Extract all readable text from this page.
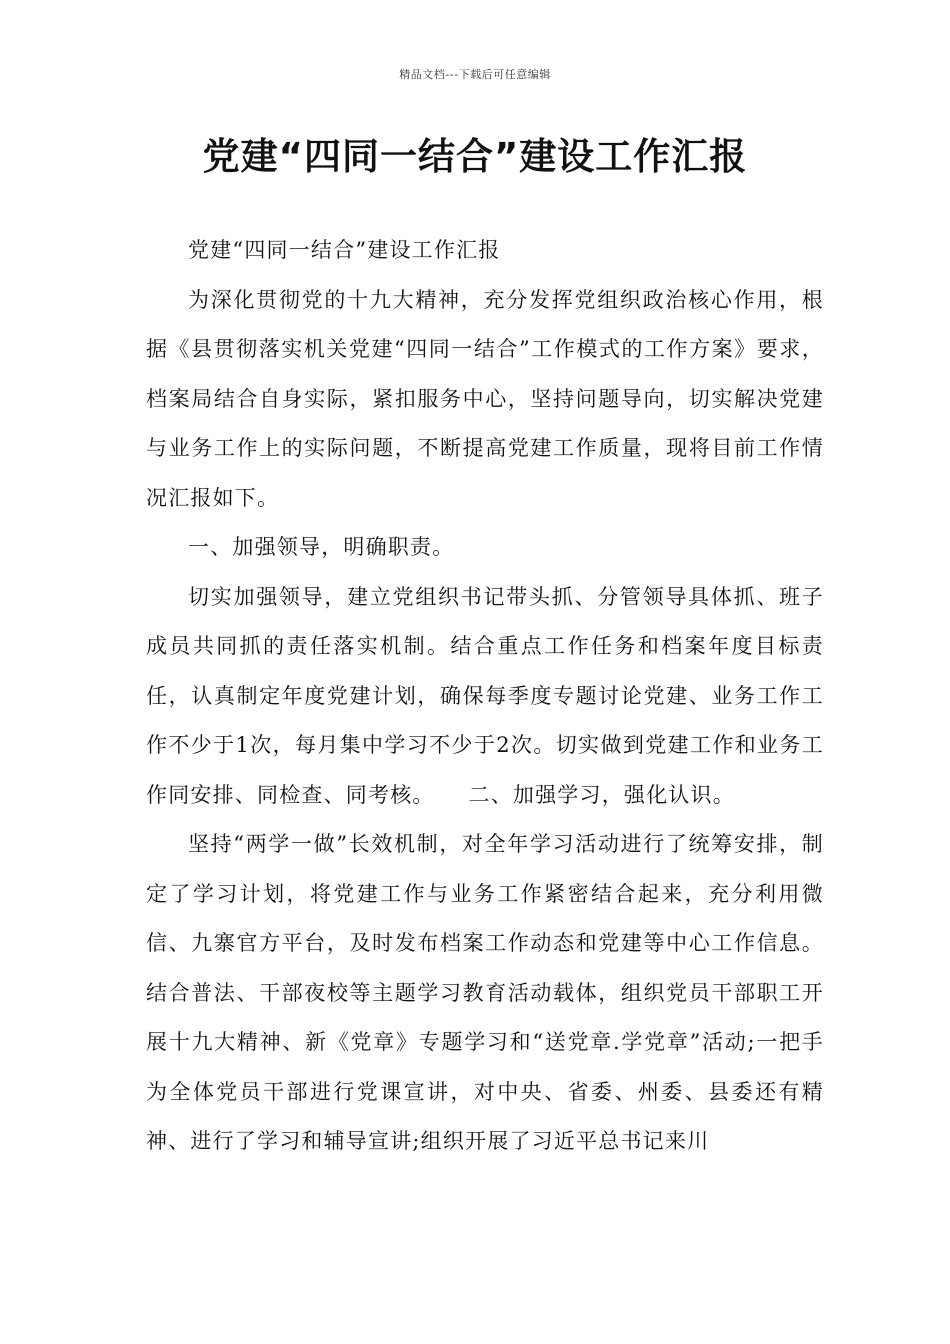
精品文档---下载后可任意编辑
党建“四同一结合”建设工作汇报

党建“四同一结合”建设工作汇报

为深化贯彻党的十九大精神，充分发挥党组织政治核心作用，根据《县贯彻落实机关党建“四同一结合”工作模式的工作方案》要求，档案局结合自身实际，紧扣服务中心，坚持问题导向，切实解决党建与业务工作上的实际问题，不断提高党建工作质量，现将目前工作情况汇报如下。

一、加强领导，明确职责。

切实加强领导，建立党组织书记带头抓、分管领导具体抓、班子成员共同抓的责任落实机制。结合重点工作任务和档案年度目标责任，认真制定年度党建计划，确保每季度专题讨论党建、业务工作工作不少于1次，每月集中学习不少于2次。切实做到党建工作和业务工作同安排、同检查、同考核。　　二、加强学习，强化认识。

坚持“两学一做”长效机制，对全年学习活动进行了统筹安排，制定了学习计划，将党建工作与业务工作紧密结合起来，充分利用微信、九寨官方平台，及时发布档案工作动态和党建等中心工作信息。结合普法、干部夜校等主题学习教育活动载体，组织党员干部职工开展十九大精神、新《党章》专题学习和“送党章.学党章”活动;一把手为全体党员干部进行党课宣讲，对中央、省委、州委、县委还有精神、进行了学习和辅导宣讲;组织开展了习近平总书记来川
